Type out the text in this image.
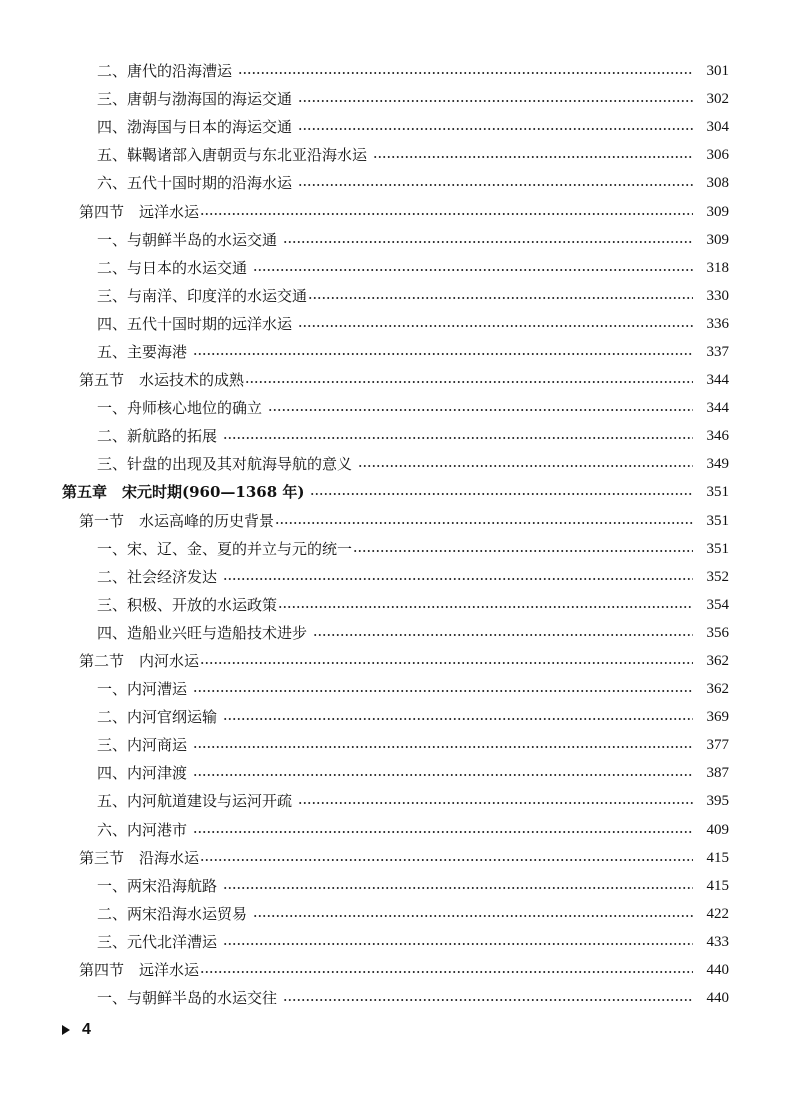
二、唐代的沿海漕运	301
三、唐朝与渤海国的海运交通	302
四、渤海国与日本的海运交通	304
五、靺鞨诸部入唐朝贡与东北亚沿海水运	306
六、五代十国时期的沿海水运	308
第四节　远洋水运	309
一、与朝鲜半岛的水运交通	309
二、与日本的水运交通	318
三、与南洋、印度洋的水运交通	330
四、五代十国时期的远洋水运	336
五、主要海港	337
第五节　水运技术的成熟	344
一、舟师核心地位的确立	344
二、新航路的拓展	346
三、针盘的出现及其对航海导航的意义	349
第五章　宋元时期(960—1368 年)	351
第一节　水运高峰的历史背景	351
一、宋、辽、金、夏的并立与元的统一	351
二、社会经济发达	352
三、积极、开放的水运政策	354
四、造船业兴旺与造船技术进步	356
第二节　内河水运	362
一、内河漕运	362
二、内河官纲运输	369
三、内河商运	377
四、内河津渡	387
五、内河航道建设与运河开疏	395
六、内河港市	409
第三节　沿海水运	415
一、两宋沿海航路	415
二、两宋沿海水运贸易	422
三、元代北洋漕运	433
第四节　远洋水运	440
一、与朝鲜半岛的水运交往	440
4
